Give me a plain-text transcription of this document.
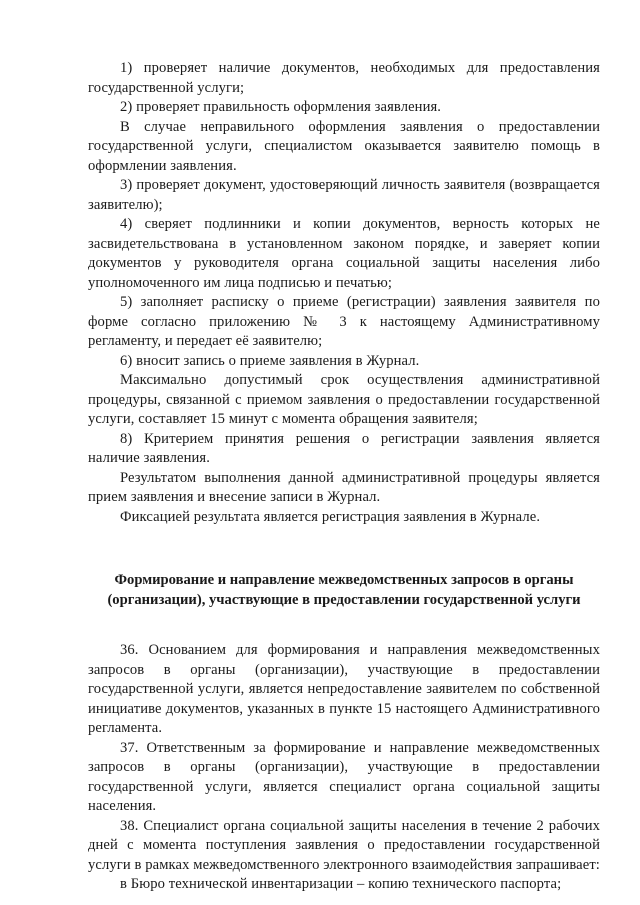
1) проверяет наличие документов, необходимых для предоставления государственной услуги;

2) проверяет правильность оформления заявления.

В случае неправильного оформления заявления о предоставлении государственной услуги, специалистом оказывается заявителю помощь в оформлении заявления.

3) проверяет документ, удостоверяющий личность заявителя (возвращается заявителю);

4) сверяет подлинники и копии документов, верность которых не засвидетельствована в установленном законом порядке, и заверяет копии документов у руководителя органа социальной защиты населения либо уполномоченного им лица подписью и печатью;

5) заполняет расписку о приеме (регистрации) заявления заявителя по форме согласно приложению № 3 к настоящему Административному регламенту, и передает её заявителю;

6) вносит запись о приеме заявления в Журнал.

Максимально допустимый срок осуществления административной процедуры, связанной с приемом заявления о предоставлении государственной услуги, составляет 15 минут с момента обращения заявителя;

8) Критерием принятия решения о регистрации заявления является наличие заявления.

Результатом выполнения данной административной процедуры является прием заявления и внесение записи в Журнал.

Фиксацией результата является регистрация заявления в Журнале.

Формирование и направление межведомственных запросов в органы (организации), участвующие в предоставлении государственной услуги

36. Основанием для формирования и направления межведомственных запросов в органы (организации), участвующие в предоставлении государственной услуги, является непредоставление заявителем по собственной инициативе документов, указанных в пункте 15 настоящего Административного регламента.

37. Ответственным за формирование и направление межведомственных запросов в органы (организации), участвующие в предоставлении государственной услуги, является специалист органа социальной защиты населения.

38. Специалист органа социальной защиты населения в течение 2 рабочих дней с момента поступления заявления о предоставлении государственной услуги в рамках межведомственного электронного взаимодействия запрашивает:

в Бюро технической инвентаризации – копию технического паспорта;
